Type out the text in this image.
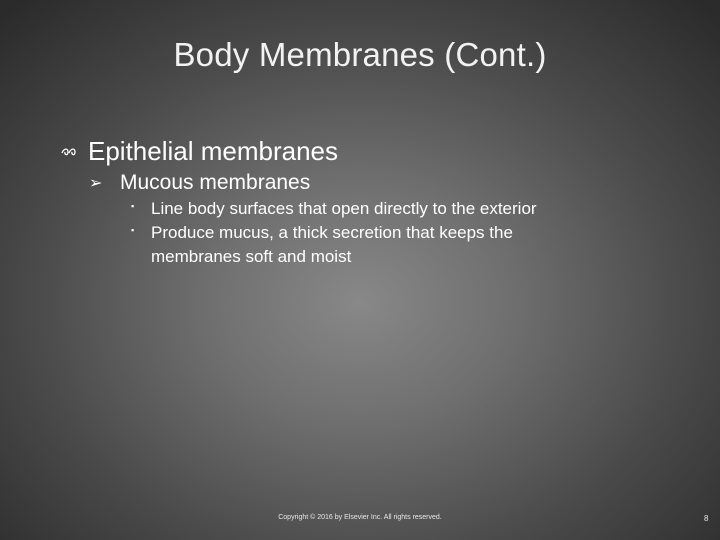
Body Membranes (Cont.)
Epithelial membranes
➢ Mucous membranes
▪ Line body surfaces that open directly to the exterior
▪ Produce mucus, a thick secretion that keeps the
membranes soft and moist
Copyright © 2016 by Elsevier Inc. All rights reserved.	8
